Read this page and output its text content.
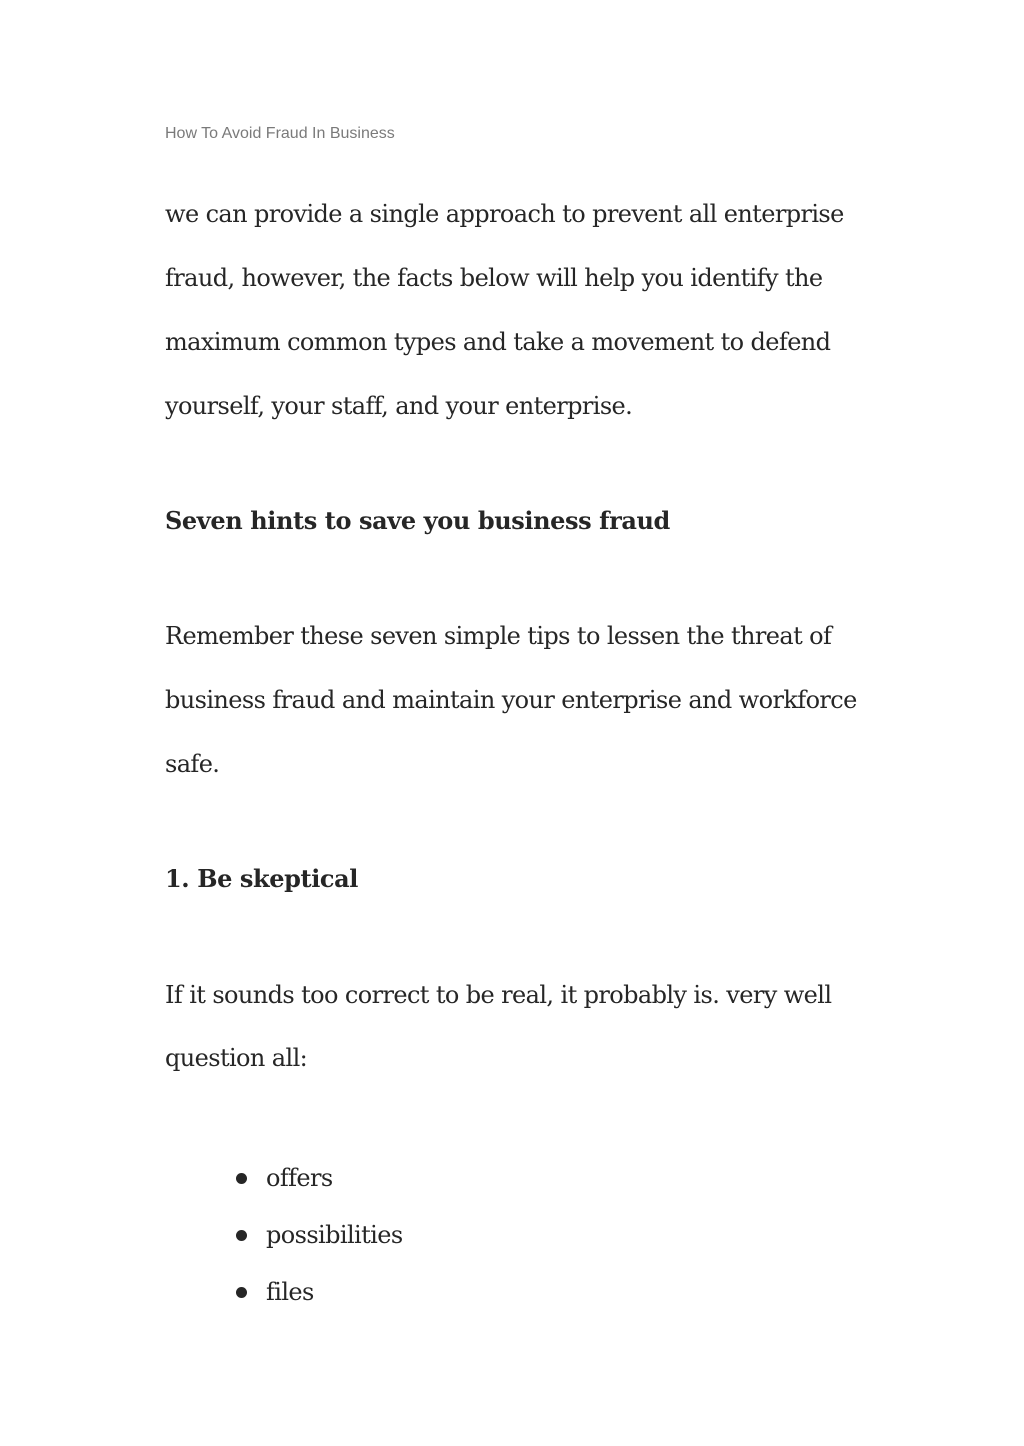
How To Avoid Fraud In Business
we can provide a single approach to prevent all enterprise
fraud, however, the facts below will help you identify the
maximum common types and take a movement to defend
yourself, your staff, and your enterprise.
Seven hints to save you business fraud
Remember these seven simple tips to lessen the threat of
business fraud and maintain your enterprise and workforce
safe.
1. Be skeptical
If it sounds too correct to be real, it probably is. very well
question all:
offers
possibilities
files
